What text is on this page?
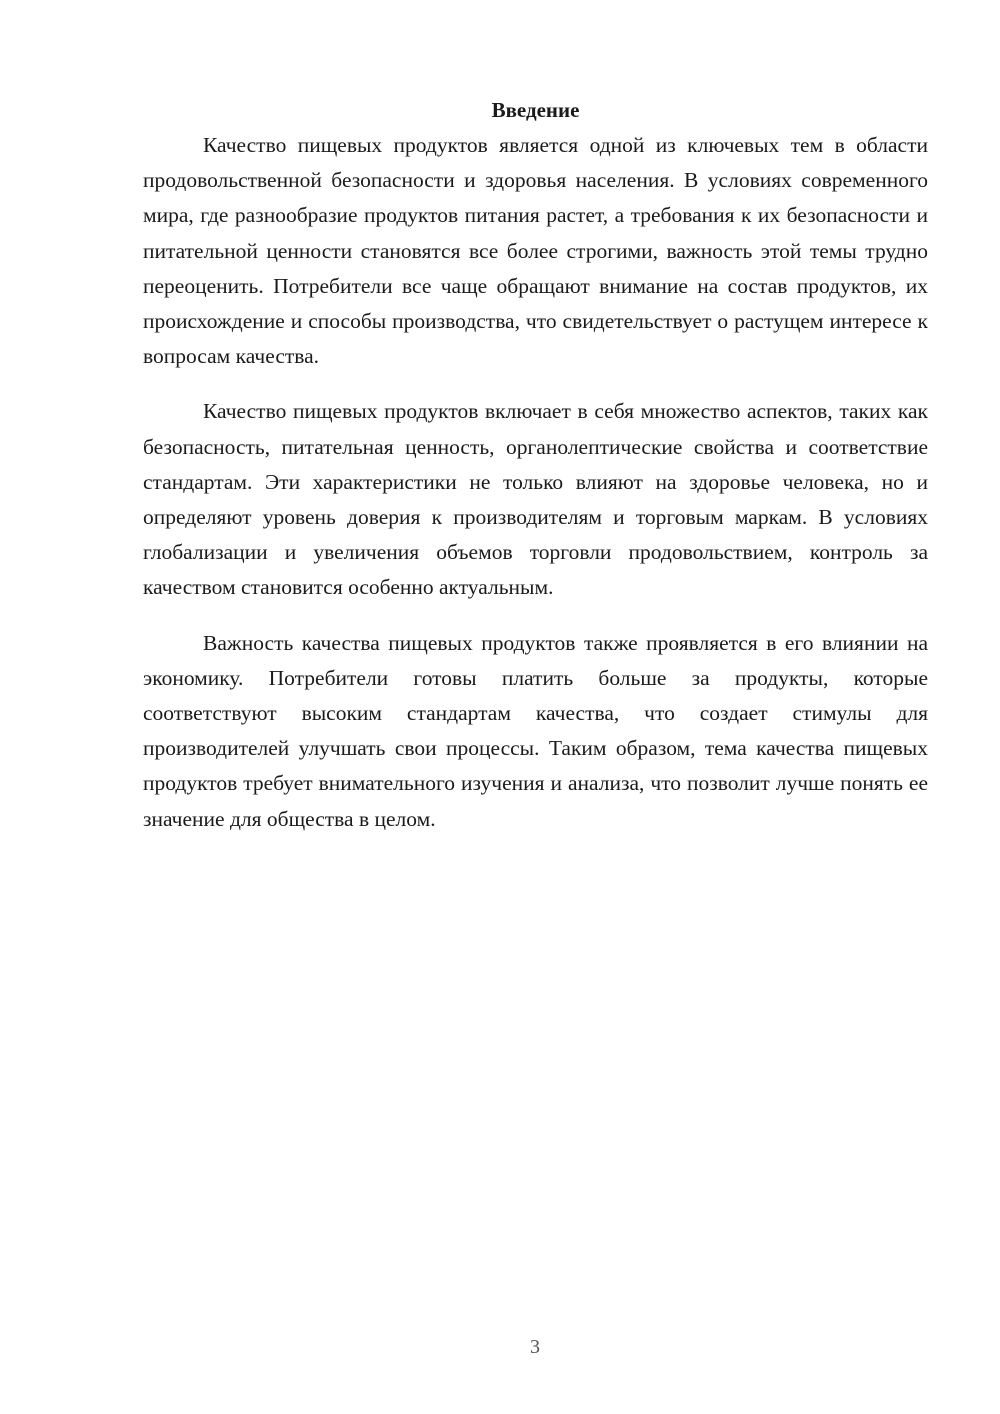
Введение

Качество пищевых продуктов является одной из ключевых тем в области продовольственной безопасности и здоровья населения. В условиях современного мира, где разнообразие продуктов питания растет, а требования к их безопасности и питательной ценности становятся все более строгими, важность этой темы трудно переоценить. Потребители все чаще обращают внимание на состав продуктов, их происхождение и способы производства, что свидетельствует о растущем интересе к вопросам качества.

Качество пищевых продуктов включает в себя множество аспектов, таких как безопасность, питательная ценность, органолептические свойства и соответствие стандартам. Эти характеристики не только влияют на здоровье человека, но и определяют уровень доверия к производителям и торговым маркам. В условиях глобализации и увеличения объемов торговли продовольствием, контроль за качеством становится особенно актуальным.

Важность качества пищевых продуктов также проявляется в его влиянии на экономику. Потребители готовы платить больше за продукты, которые соответствуют высоким стандартам качества, что создает стимулы для производителей улучшать свои процессы. Таким образом, тема качества пищевых продуктов требует внимательного изучения и анализа, что позволит лучше понять ее значение для общества в целом.

3
